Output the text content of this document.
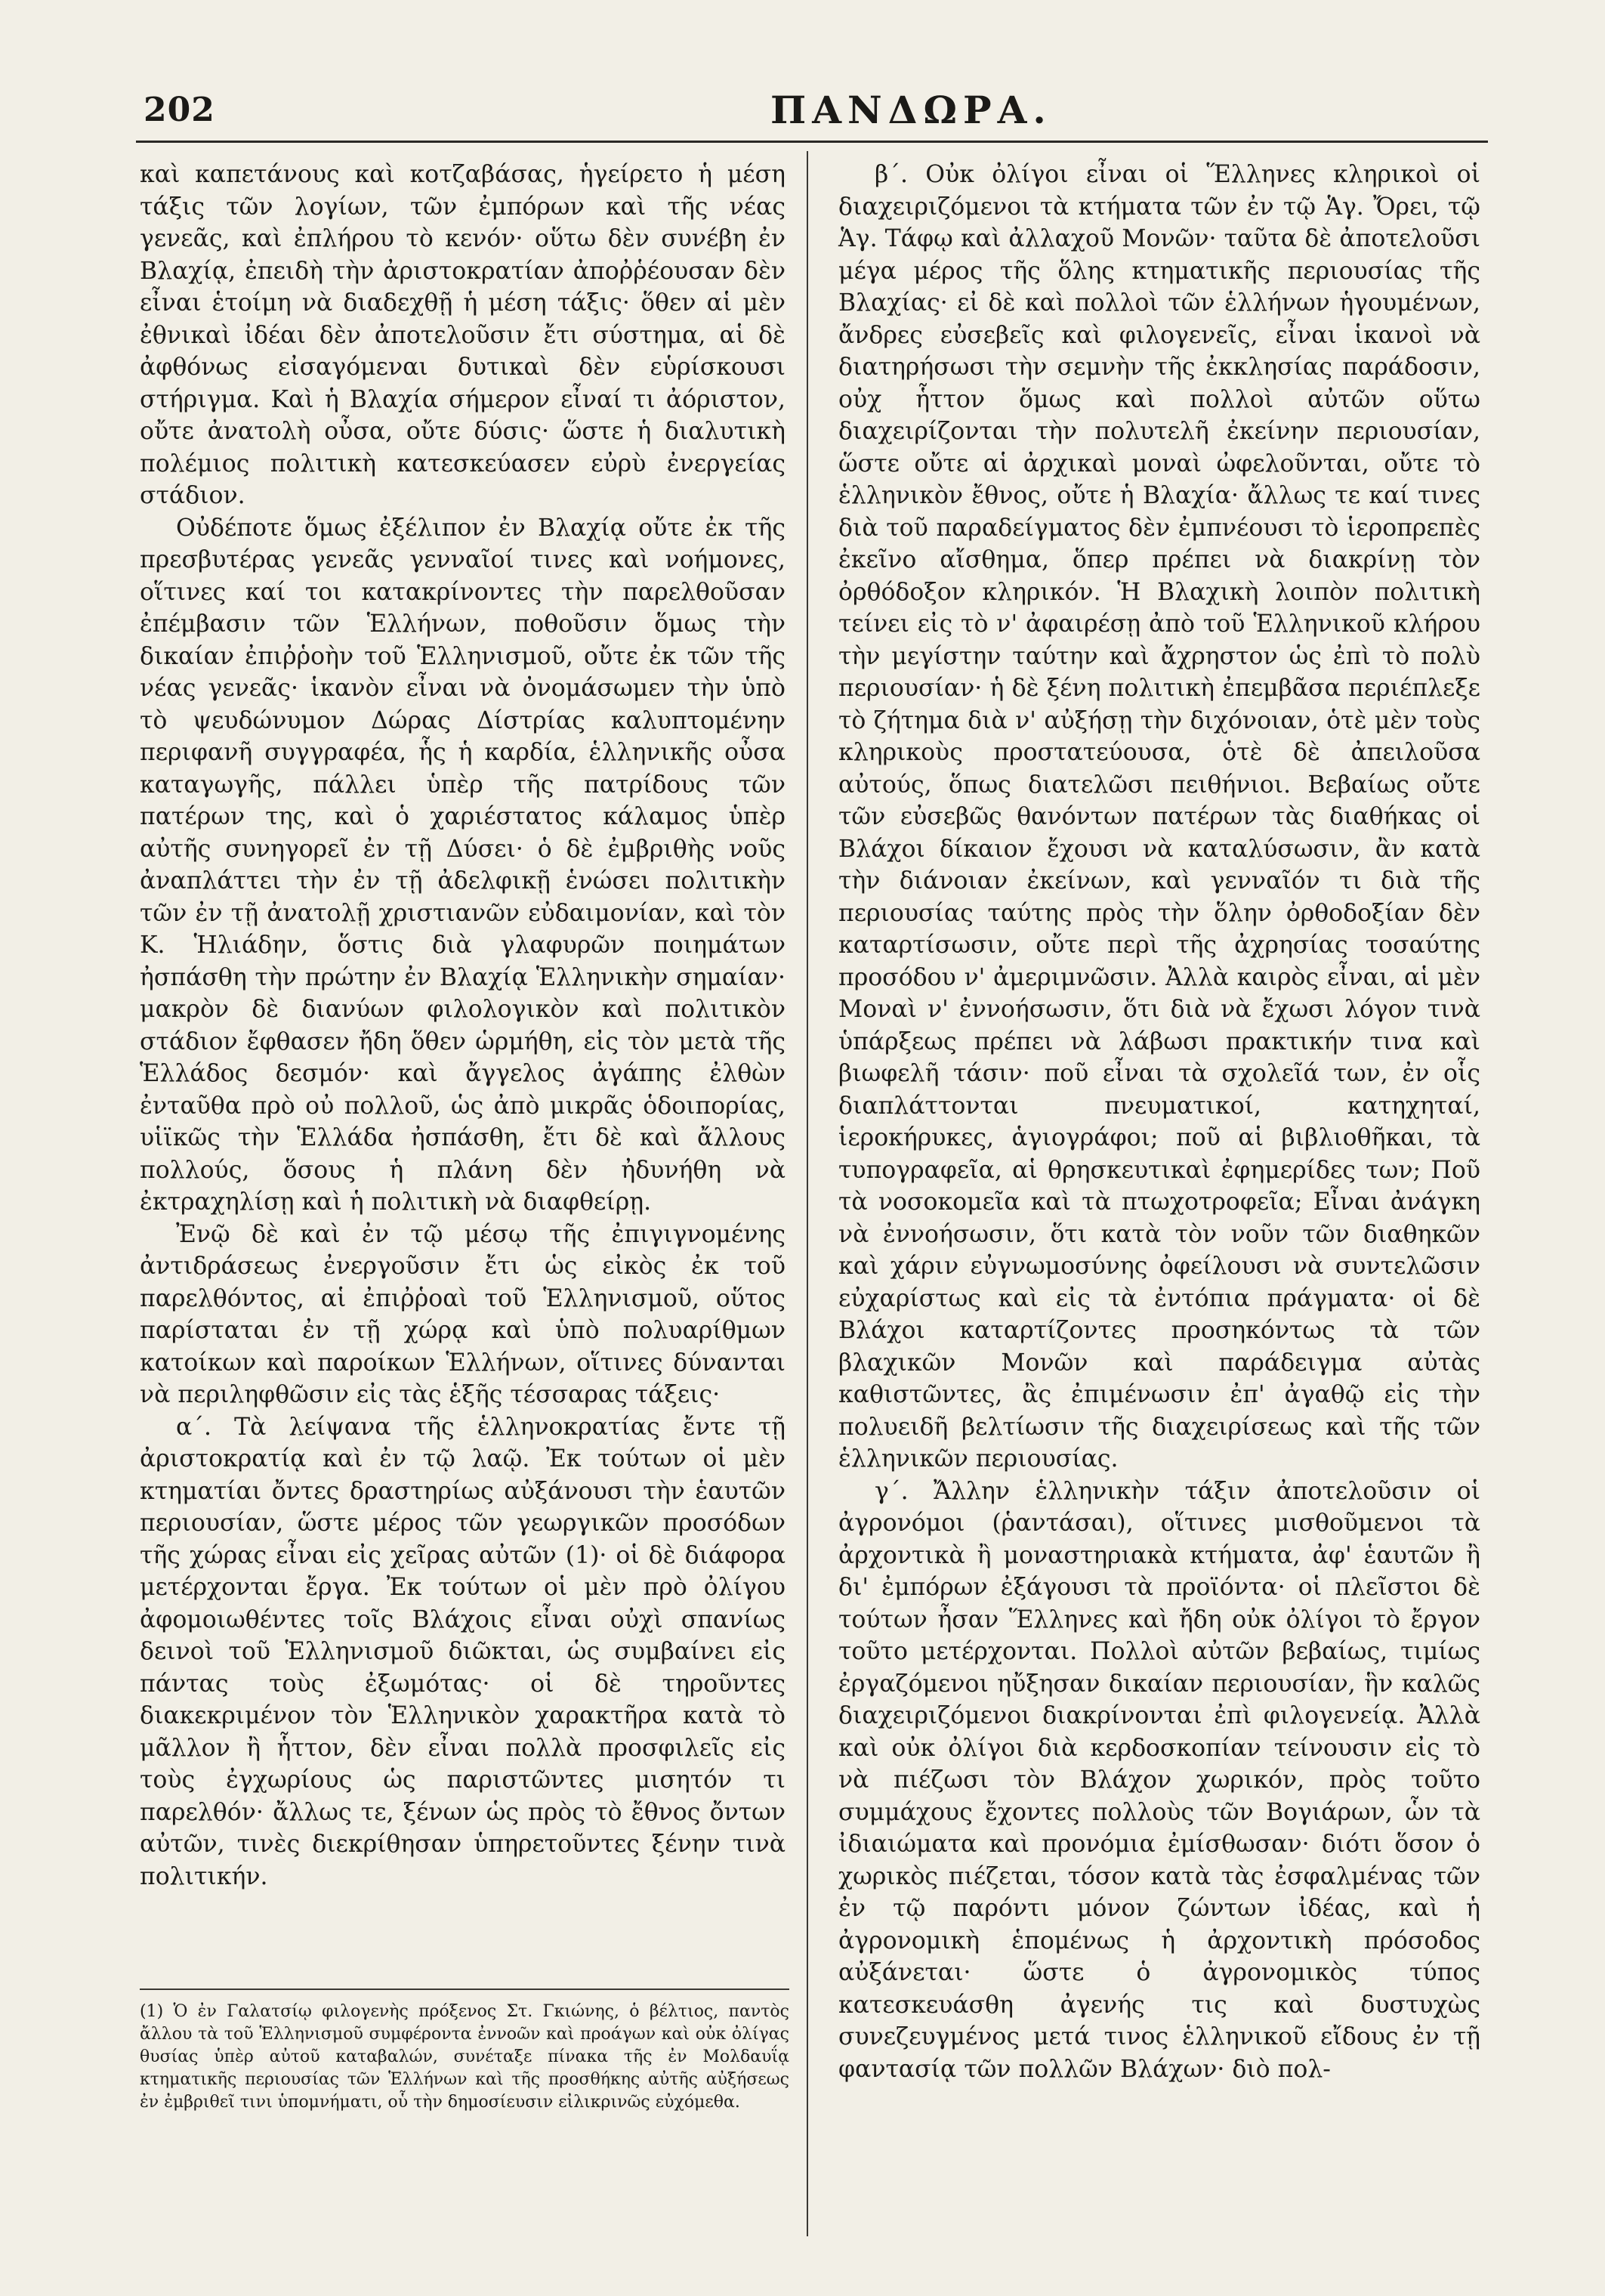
202	ΠΑΝΔΩΡΑ.

καὶ καπετάνους καὶ κοτζαβάσας, ἡγείρετο ἡ μέση τάξις τῶν λογίων, τῶν ἐμπόρων καὶ τῆς νέας γενεᾶς, καὶ ἐπλήρου τὸ κενόν· οὕτω δὲν συνέβη ἐν Βλαχίᾳ, ἐπειδὴ τὴν ἀριστοκρατίαν ἀποῤῥέουσαν δὲν εἶναι ἑτοίμη νὰ διαδεχθῇ ἡ μέση τάξις· ὅθεν αἱ μὲν ἐθνικαὶ ἰδέαι δὲν ἀποτελοῦσιν ἔτι σύστημα, αἱ δὲ ἀφθόνως εἰσαγόμεναι δυτικαὶ δὲν εὑρίσκουσι στήριγμα. Καὶ ἡ Βλαχία σήμερον εἶναί τι ἀόριστον, οὔτε ἀνατολὴ οὖσα, οὔτε δύσις· ὥστε ἡ διαλυτικὴ πολέμιος πολιτικὴ κατεσκεύασεν εὐρὺ ἐνεργείας στάδιον.

Οὐδέποτε ὅμως ἐξέλιπον ἐν Βλαχίᾳ οὔτε ἐκ τῆς πρεσβυτέρας γενεᾶς γενναῖοί τινες καὶ νοήμονες, οἵτινες καί τοι κατακρίνοντες τὴν παρελθοῦσαν ἐπέμβασιν τῶν Ἑλλήνων, ποθοῦσιν ὅμως τὴν δικαίαν ἐπιῤῥοὴν τοῦ Ἑλληνισμοῦ, οὔτε ἐκ τῶν τῆς νέας γενεᾶς· ἱκανὸν εἶναι νὰ ὀνομάσωμεν τὴν ὑπὸ τὸ ψευδώνυμον Δώρας Δίστρίας καλυπτομένην περιφανῆ συγγραφέα, ἧς ἡ καρδία, ἑλληνικῆς οὖσα καταγωγῆς, πάλλει ὑπὲρ τῆς πατρίδους τῶν πατέρων της, καὶ ὁ χαριέστατος κάλαμος ὑπὲρ αὐτῆς συνηγορεῖ ἐν τῇ Δύσει· ὁ δὲ ἐμβριθὴς νοῦς ἀναπλάττει τὴν ἐν τῇ ἀδελφικῇ ἑνώσει πολιτικὴν τῶν ἐν τῇ ἀνατολῇ χριστιανῶν εὐδαιμονίαν, καὶ τὸν Κ. Ἡλιάδην, ὅστις διὰ γλαφυρῶν ποιημάτων ἠσπάσθη τὴν πρώτην ἐν Βλαχίᾳ Ἑλληνικὴν σημαίαν· μακρὸν δὲ διανύων φιλολογικὸν καὶ πολιτικὸν στάδιον ἔφθασεν ἤδη ὅθεν ὡρμήθη, εἰς τὸν μετὰ τῆς Ἑλλάδος δεσμόν· καὶ ἄγγελος ἀγάπης ἐλθὼν ἐνταῦθα πρὸ οὐ πολλοῦ, ὡς ἀπὸ μικρᾶς ὁδοιπορίας, υἱϊκῶς τὴν Ἑλλάδα ἠσπάσθη, ἔτι δὲ καὶ ἄλλους πολλούς, ὅσους ἡ πλάνη δὲν ἠδυνήθη νὰ ἐκτραχηλίσῃ καὶ ἡ πολιτικὴ νὰ διαφθείρῃ.

Ἐνῷ δὲ καὶ ἐν τῷ μέσῳ τῆς ἐπιγιγνομένης ἀντιδράσεως ἐνεργοῦσιν ἔτι ὡς εἰκὸς ἐκ τοῦ παρελθόντος, αἱ ἐπιῤῥοαὶ τοῦ Ἑλληνισμοῦ, οὕτος παρίσταται ἐν τῇ χώρᾳ καὶ ὑπὸ πολυαρίθμων κατοίκων καὶ παροίκων Ἑλλήνων, οἵτινες δύνανται νὰ περιληφθῶσιν εἰς τὰς ἑξῆς τέσσαρας τάξεις·

α΄. Τὰ λείψανα τῆς ἑλληνοκρατίας ἔντε τῇ ἀριστοκρατίᾳ καὶ ἐν τῷ λαῷ. Ἐκ τούτων οἱ μὲν κτηματίαι ὄντες δραστηρίως αὐξάνουσι τὴν ἑαυτῶν περιουσίαν, ὥστε μέρος τῶν γεωργικῶν προσόδων τῆς χώρας εἶναι εἰς χεῖρας αὐτῶν (1)· οἱ δὲ διάφορα μετέρχονται ἔργα. Ἐκ τούτων οἱ μὲν πρὸ ὀλίγου ἀφομοιωθέντες τοῖς Βλάχοις εἶναι οὐχὶ σπανίως δεινοὶ τοῦ Ἑλληνισμοῦ διῶκται, ὡς συμβαίνει εἰς πάντας τοὺς ἐξωμότας· οἱ δὲ τηροῦντες διακεκριμένον τὸν Ἑλληνικὸν χαρακτῆρα κατὰ τὸ μᾶλλον ἢ ἧττον, δὲν εἶναι πολλὰ προσφιλεῖς εἰς τοὺς ἐγχωρίους ὡς παριστῶντες μισητόν τι παρελθόν· ἄλλως τε, ξένων ὡς πρὸς τὸ ἔθνος ὄντων αὐτῶν, τινὲς διεκρίθησαν ὑπηρετοῦντες ξένην τινὰ πολιτικήν.

β΄. Οὐκ ὀλίγοι εἶναι οἱ Ἕλληνες κληρικοὶ οἱ διαχειριζόμενοι τὰ κτήματα τῶν ἐν τῷ Ἁγ. Ὄρει, τῷ Ἁγ. Τάφῳ καὶ ἀλλαχοῦ Μονῶν· ταῦτα δὲ ἀποτελοῦσι μέγα μέρος τῆς ὅλης κτηματικῆς περιουσίας τῆς Βλαχίας· εἰ δὲ καὶ πολλοὶ τῶν ἑλλήνων ἡγουμένων, ἄνδρες εὐσεβεῖς καὶ φιλογενεῖς, εἶναι ἱκανοὶ νὰ διατηρήσωσι τὴν σεμνὴν τῆς ἐκκλησίας παράδοσιν, οὐχ ἧττον ὅμως καὶ πολλοὶ αὐτῶν οὕτω διαχειρίζονται τὴν πολυτελῆ ἐκείνην περιουσίαν, ὥστε οὔτε αἱ ἀρχικαὶ μοναὶ ὠφελοῦνται, οὔτε τὸ ἑλληνικὸν ἔθνος, οὔτε ἡ Βλαχία· ἄλλως τε καί τινες διὰ τοῦ παραδείγματος δὲν ἐμπνέουσι τὸ ἱεροπρεπὲς ἐκεῖνο αἴσθημα, ὅπερ πρέπει νὰ διακρίνῃ τὸν ὀρθόδοξον κληρικόν. Ἡ Βλαχικὴ λοιπὸν πολιτικὴ τείνει εἰς τὸ ν' ἀφαιρέσῃ ἀπὸ τοῦ Ἑλληνικοῦ κλήρου τὴν μεγίστην ταύτην καὶ ἄχρηστον ὡς ἐπὶ τὸ πολὺ περιουσίαν· ἡ δὲ ξένη πολιτικὴ ἐπεμβᾶσα περιέπλεξε τὸ ζήτημα διὰ ν' αὐξήσῃ τὴν διχόνοιαν, ὁτὲ μὲν τοὺς κληρικοὺς προστατεύουσα, ὁτὲ δὲ ἀπειλοῦσα αὐτούς, ὅπως διατελῶσι πειθήνιοι. Βεβαίως οὔτε τῶν εὐσεβῶς θανόντων πατέρων τὰς διαθήκας οἱ Βλάχοι δίκαιον ἔχουσι νὰ καταλύσωσιν, ἂν κατὰ τὴν διάνοιαν ἐκείνων, καὶ γενναῖόν τι διὰ τῆς περιουσίας ταύτης πρὸς τὴν ὅλην ὀρθοδοξίαν δὲν καταρτίσωσιν, οὔτε περὶ τῆς ἀχρησίας τοσαύτης προσόδου ν' ἀμεριμνῶσιν. Ἀλλὰ καιρὸς εἶναι, αἱ μὲν Μοναὶ ν' ἐννοήσωσιν, ὅτι διὰ νὰ ἔχωσι λόγον τινὰ ὑπάρξεως πρέπει νὰ λάβωσι πρακτικήν τινα καὶ βιωφελῆ τάσιν· ποῦ εἶναι τὰ σχολεῖά των, ἐν οἷς διαπλάττονται πνευματικοί, κατηχηταί, ἱεροκήρυκες, ἁγιογράφοι; ποῦ αἱ βιβλιοθῆκαι, τὰ τυπογραφεῖα, αἱ θρησκευτικαὶ ἐφημερίδες των; Ποῦ τὰ νοσοκομεῖα καὶ τὰ πτωχοτροφεῖα; Εἶναι ἀνάγκη νὰ ἐννοήσωσιν, ὅτι κατὰ τὸν νοῦν τῶν διαθηκῶν καὶ χάριν εὐγνωμοσύνης ὀφείλουσι νὰ συντελῶσιν εὐχαρίστως καὶ εἰς τὰ ἐντόπια πράγματα· οἱ δὲ Βλάχοι καταρτίζοντες προσηκόντως τὰ τῶν βλαχικῶν Μονῶν καὶ παράδειγμα αὐτὰς καθιστῶντες, ἂς ἐπιμένωσιν ἐπ' ἀγαθῷ εἰς τὴν πολυειδῆ βελτίωσιν τῆς διαχειρίσεως καὶ τῆς τῶν ἑλληνικῶν περιουσίας.

γ΄. Ἄλλην ἑλληνικὴν τάξιν ἀποτελοῦσιν οἱ ἀγρονόμοι (ῥαντάσαι), οἵτινες μισθοῦμενοι τὰ ἀρχοντικὰ ἢ μοναστηριακὰ κτήματα, ἀφ' ἑαυτῶν ἢ δι' ἐμπόρων ἐξάγουσι τὰ προϊόντα· οἱ πλεῖστοι δὲ τούτων ἦσαν Ἕλληνες καὶ ἤδη οὐκ ὀλίγοι τὸ ἔργον τοῦτο μετέρχονται. Πολλοὶ αὐτῶν βεβαίως, τιμίως ἐργαζόμενοι ηὔξησαν δικαίαν περιουσίαν, ἣν καλῶς διαχειριζόμενοι διακρίνονται ἐπὶ φιλογενείᾳ. Ἀλλὰ καὶ οὐκ ὀλίγοι διὰ κερδοσκοπίαν τείνουσιν εἰς τὸ νὰ πιέζωσι τὸν Βλάχον χωρικόν, πρὸς τοῦτο συμμάχους ἔχοντες πολλοὺς τῶν Βογιάρων, ὧν τὰ ἰδιαιώματα καὶ προνόμια ἐμίσθωσαν· διότι ὅσον ὁ χωρικὸς πιέζεται, τόσον κατὰ τὰς ἐσφαλμένας τῶν ἐν τῷ παρόντι μόνον ζώντων ἰδέας, καὶ ἡ ἀγρονομικὴ ἑπομένως ἡ ἀρχοντικὴ πρόσοδος αὐξάνεται· ὥστε ὁ ἀγρονομικὸς τύπος κατεσκευάσθη ἀγενής τις καὶ δυστυχὼς συνεζευγμένος μετά τινος ἑλληνικοῦ εἴδους ἐν τῇ φαντασίᾳ τῶν πολλῶν Βλάχων· διὸ πολ-

(1) Ὁ ἐν Γαλατσίῳ φιλογενὴς πρόξενος Στ. Γκιώνης, ὁ βέλτιος, παντὸς ἄλλου τὰ τοῦ Ἑλληνισμοῦ συμφέροντα ἐννοῶν καὶ προάγων καὶ οὐκ ὀλίγας θυσίας ὑπὲρ αὐτοῦ καταβαλών, συνέταξε πίνακα τῆς ἐν Μολδαυΐᾳ κτηματικῆς περιουσίας τῶν Ἑλλήνων καὶ τῆς προσθήκης αὐτῆς αὐξήσεως ἐν ἐμβριθεῖ τινι ὑπομνήματι, οὗ τὴν δημοσίευσιν εἰλικρινῶς εὐχόμεθα.
